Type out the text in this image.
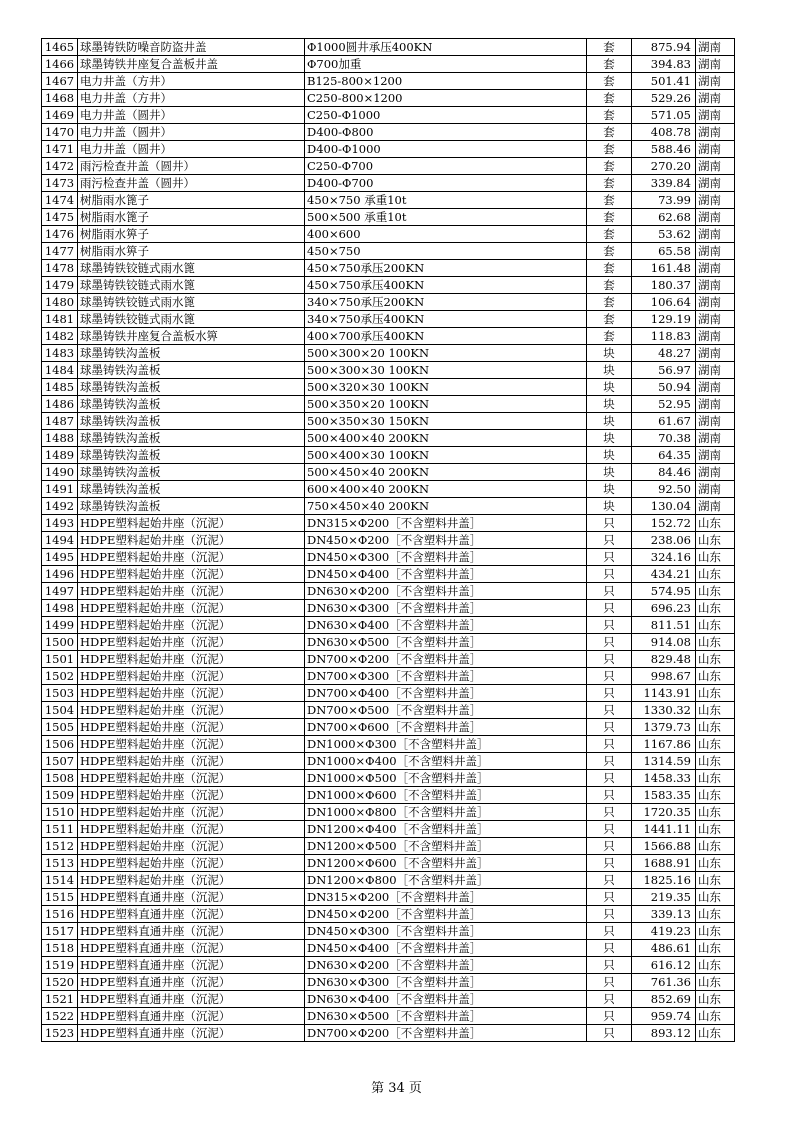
1465	球墨铸铁防噪音防盗井盖	Φ1000圆井承压400KN	套	875.94	湖南
1466	球墨铸铁井座复合盖板井盖	Φ700加重	套	394.83	湖南
1467	电力井盖（方井）	B125-800×1200	套	501.41	湖南
1468	电力井盖（方井）	C250-800×1200	套	529.26	湖南
1469	电力井盖（圆井）	C250-Φ1000	套	571.05	湖南
1470	电力井盖（圆井）	D400-Φ800	套	408.78	湖南
1471	电力井盖（圆井）	D400-Φ1000	套	588.46	湖南
1472	雨污检查井盖（圆井）	C250-Φ700	套	270.20	湖南
1473	雨污检查井盖（圆井）	D400-Φ700	套	339.84	湖南
1474	树脂雨水篦子	450×750 承重10t	套	73.99	湖南
1475	树脂雨水篦子	500×500 承重10t	套	62.68	湖南
1476	树脂雨水箅子	400×600	套	53.62	湖南
1477	树脂雨水箅子	450×750	套	65.58	湖南
1478	球墨铸铁铰链式雨水篦	450×750承压200KN	套	161.48	湖南
1479	球墨铸铁铰链式雨水篦	450×750承压400KN	套	180.37	湖南
1480	球墨铸铁铰链式雨水篦	340×750承压200KN	套	106.64	湖南
1481	球墨铸铁铰链式雨水篦	340×750承压400KN	套	129.19	湖南
1482	球墨铸铁井座复合盖板水箅	400×700承压400KN	套	118.83	湖南
1483	球墨铸铁沟盖板	500×300×20 100KN	块	48.27	湖南
1484	球墨铸铁沟盖板	500×300×30 100KN	块	56.97	湖南
1485	球墨铸铁沟盖板	500×320×30 100KN	块	50.94	湖南
1486	球墨铸铁沟盖板	500×350×20 100KN	块	52.95	湖南
1487	球墨铸铁沟盖板	500×350×30 150KN	块	61.67	湖南
1488	球墨铸铁沟盖板	500×400×40 200KN	块	70.38	湖南
1489	球墨铸铁沟盖板	500×400×30 100KN	块	64.35	湖南
1490	球墨铸铁沟盖板	500×450×40 200KN	块	84.46	湖南
1491	球墨铸铁沟盖板	600×400×40 200KN	块	92.50	湖南
1492	球墨铸铁沟盖板	750×450×40 200KN	块	130.04	湖南
1493	HDPE塑料起始井座（沉泥）	DN315×Φ200［不含塑料井盖］	只	152.72	山东
1494	HDPE塑料起始井座（沉泥）	DN450×Φ200［不含塑料井盖］	只	238.06	山东
1495	HDPE塑料起始井座（沉泥）	DN450×Φ300［不含塑料井盖］	只	324.16	山东
1496	HDPE塑料起始井座（沉泥）	DN450×Φ400［不含塑料井盖］	只	434.21	山东
1497	HDPE塑料起始井座（沉泥）	DN630×Φ200［不含塑料井盖］	只	574.95	山东
1498	HDPE塑料起始井座（沉泥）	DN630×Φ300［不含塑料井盖］	只	696.23	山东
1499	HDPE塑料起始井座（沉泥）	DN630×Φ400［不含塑料井盖］	只	811.51	山东
1500	HDPE塑料起始井座（沉泥）	DN630×Φ500［不含塑料井盖］	只	914.08	山东
1501	HDPE塑料起始井座（沉泥）	DN700×Φ200［不含塑料井盖］	只	829.48	山东
1502	HDPE塑料起始井座（沉泥）	DN700×Φ300［不含塑料井盖］	只	998.67	山东
1503	HDPE塑料起始井座（沉泥）	DN700×Φ400［不含塑料井盖］	只	1143.91	山东
1504	HDPE塑料起始井座（沉泥）	DN700×Φ500［不含塑料井盖］	只	1330.32	山东
1505	HDPE塑料起始井座（沉泥）	DN700×Φ600［不含塑料井盖］	只	1379.73	山东
1506	HDPE塑料起始井座（沉泥）	DN1000×Φ300［不含塑料井盖］	只	1167.86	山东
1507	HDPE塑料起始井座（沉泥）	DN1000×Φ400［不含塑料井盖］	只	1314.59	山东
1508	HDPE塑料起始井座（沉泥）	DN1000×Φ500［不含塑料井盖］	只	1458.33	山东
1509	HDPE塑料起始井座（沉泥）	DN1000×Φ600［不含塑料井盖］	只	1583.35	山东
1510	HDPE塑料起始井座（沉泥）	DN1000×Φ800［不含塑料井盖］	只	1720.35	山东
1511	HDPE塑料起始井座（沉泥）	DN1200×Φ400［不含塑料井盖］	只	1441.11	山东
1512	HDPE塑料起始井座（沉泥）	DN1200×Φ500［不含塑料井盖］	只	1566.88	山东
1513	HDPE塑料起始井座（沉泥）	DN1200×Φ600［不含塑料井盖］	只	1688.91	山东
1514	HDPE塑料起始井座（沉泥）	DN1200×Φ800［不含塑料井盖］	只	1825.16	山东
1515	HDPE塑料直通井座（沉泥）	DN315×Φ200［不含塑料井盖］	只	219.35	山东
1516	HDPE塑料直通井座（沉泥）	DN450×Φ200［不含塑料井盖］	只	339.13	山东
1517	HDPE塑料直通井座（沉泥）	DN450×Φ300［不含塑料井盖］	只	419.23	山东
1518	HDPE塑料直通井座（沉泥）	DN450×Φ400［不含塑料井盖］	只	486.61	山东
1519	HDPE塑料直通井座（沉泥）	DN630×Φ200［不含塑料井盖］	只	616.12	山东
1520	HDPE塑料直通井座（沉泥）	DN630×Φ300［不含塑料井盖］	只	761.36	山东
1521	HDPE塑料直通井座（沉泥）	DN630×Φ400［不含塑料井盖］	只	852.69	山东
1522	HDPE塑料直通井座（沉泥）	DN630×Φ500［不含塑料井盖］	只	959.74	山东
1523	HDPE塑料直通井座（沉泥）	DN700×Φ200［不含塑料井盖］	只	893.12	山东
第 34 页
